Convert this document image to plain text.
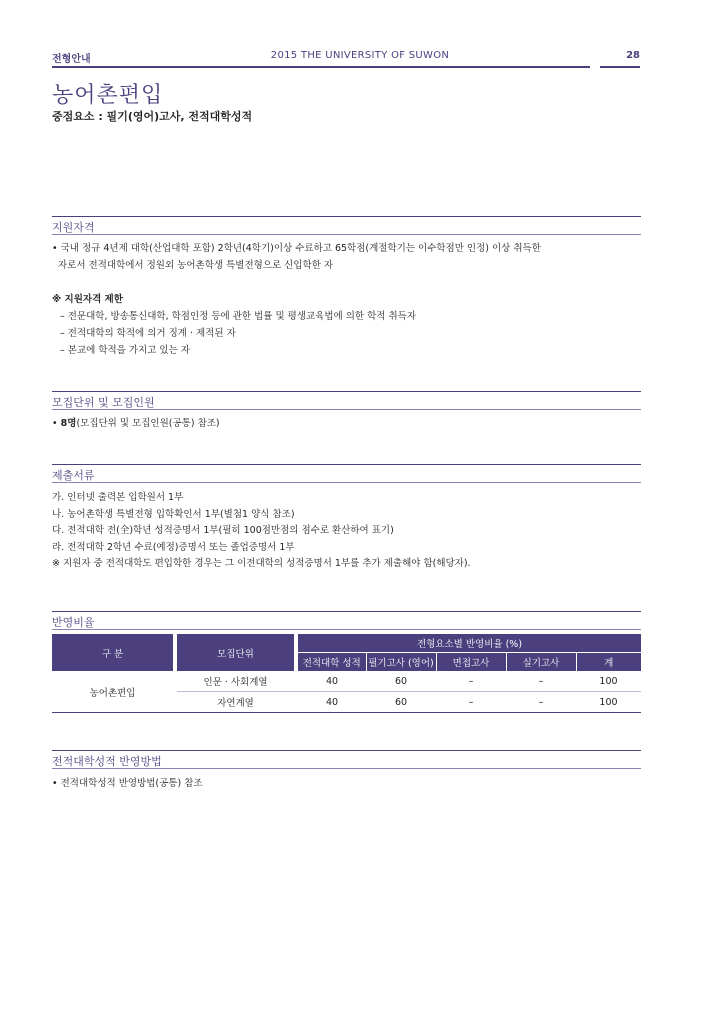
전형안내	2015 THE UNIVERSITY OF SUWON	28
농어촌편입
중점요소 : 필기(영어)고사, 전적대학성적
지원자격
• 국내 정규 4년제 대학(산업대학 포함) 2학년(4학기)이상 수료하고 65학점(계절학기는 이수학점만 인정) 이상 취득한
자로서 전적대학에서 정원외 농어촌학생 특별전형으로 신입학한 자
※ 지원자격 제한
– 전문대학, 방송통신대학, 학점인정 등에 관한 법률 및 평생교육법에 의한 학적 취득자
– 전적대학의 학적에 의거 징계 · 제적된 자
– 본교에 학적을 가지고 있는 자
모집단위 및 모집인원
• 8명(모집단위 및 모집인원(공통) 참조)
제출서류
가. 인터넷 출력본 입학원서 1부
나. 농어촌학생 특별전형 입학확인서 1부(별첨1 양식 참조)
다. 전적대학 전(全)학년 성적증명서 1부(필히 100점만점의 점수로 환산하여 표기)
라. 전적대학 2학년 수료(예정)증명서 또는 졸업증명서 1부
※ 지원자 중 전적대학도 편입학한 경우는 그 이전대학의 성적증명서 1부를 추가 제출해야 함(해당자).
반영비율
구 분		모집단위		전형요소별 반영비율 (%)				
				전적대학 성적	필기고사 (영어)	면접고사	실기고사	계
농어촌편입		인문 · 사회계열		40	60	–	–	100
		자연계열		40	60	–	–	100
전적대학성적 반영방법
• 전적대학성적 반영방법(공통) 참조
